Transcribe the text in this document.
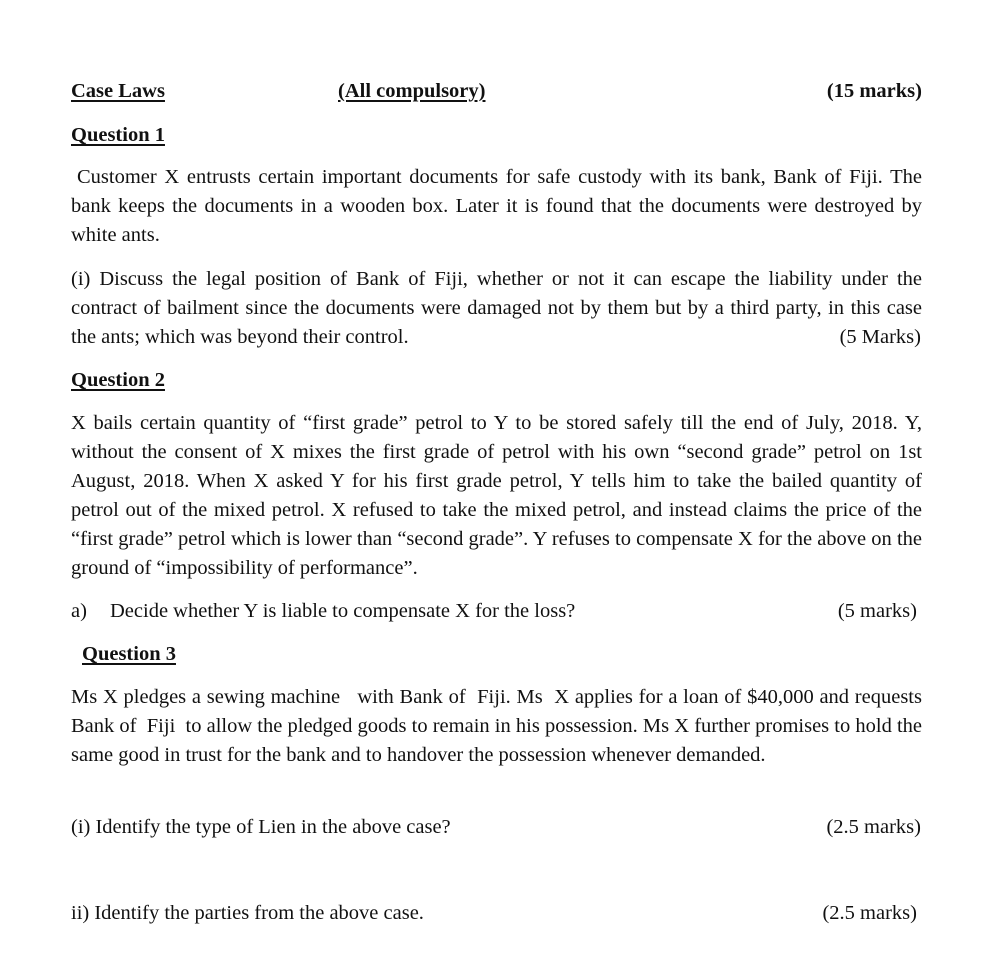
Case Laws	(All compulsory)	(15 marks)
Question 1
Customer X entrusts certain important documents for safe custody with its bank, Bank of Fiji. The bank keeps the documents in a wooden box. Later it is found that the documents were destroyed by white ants.
(i) Discuss the legal position of Bank of Fiji, whether or not it can escape the liability under the contract of bailment since the documents were damaged not by them but by a third party, in this case the ants; which was beyond their control.	(5 Marks)
Question 2
X bails certain quantity of “first grade” petrol to Y to be stored safely till the end of July, 2018. Y, without the consent of X mixes the first grade of petrol with his own “second grade” petrol on 1st August, 2018. When X asked Y for his first grade petrol, Y tells him to take the bailed quantity of petrol out of the mixed petrol. X refused to take the mixed petrol, and instead claims the price of the “first grade” petrol which is lower than “second grade”. Y refuses to compensate X for the above on the ground of “impossibility of performance”.
a) Decide whether Y is liable to compensate X for the loss?	(5 marks)
Question 3
Ms X pledges a sewing machine   with Bank of  Fiji. Ms  X applies for a loan of $40,000 and requests Bank of  Fiji  to allow the pledged goods to remain in his possession. Ms X further promises to hold the same good in trust for the bank and to handover the possession whenever demanded.
(i) Identify the type of Lien in the above case?	(2.5 marks)
ii) Identify the parties from the above case.	(2.5 marks)
